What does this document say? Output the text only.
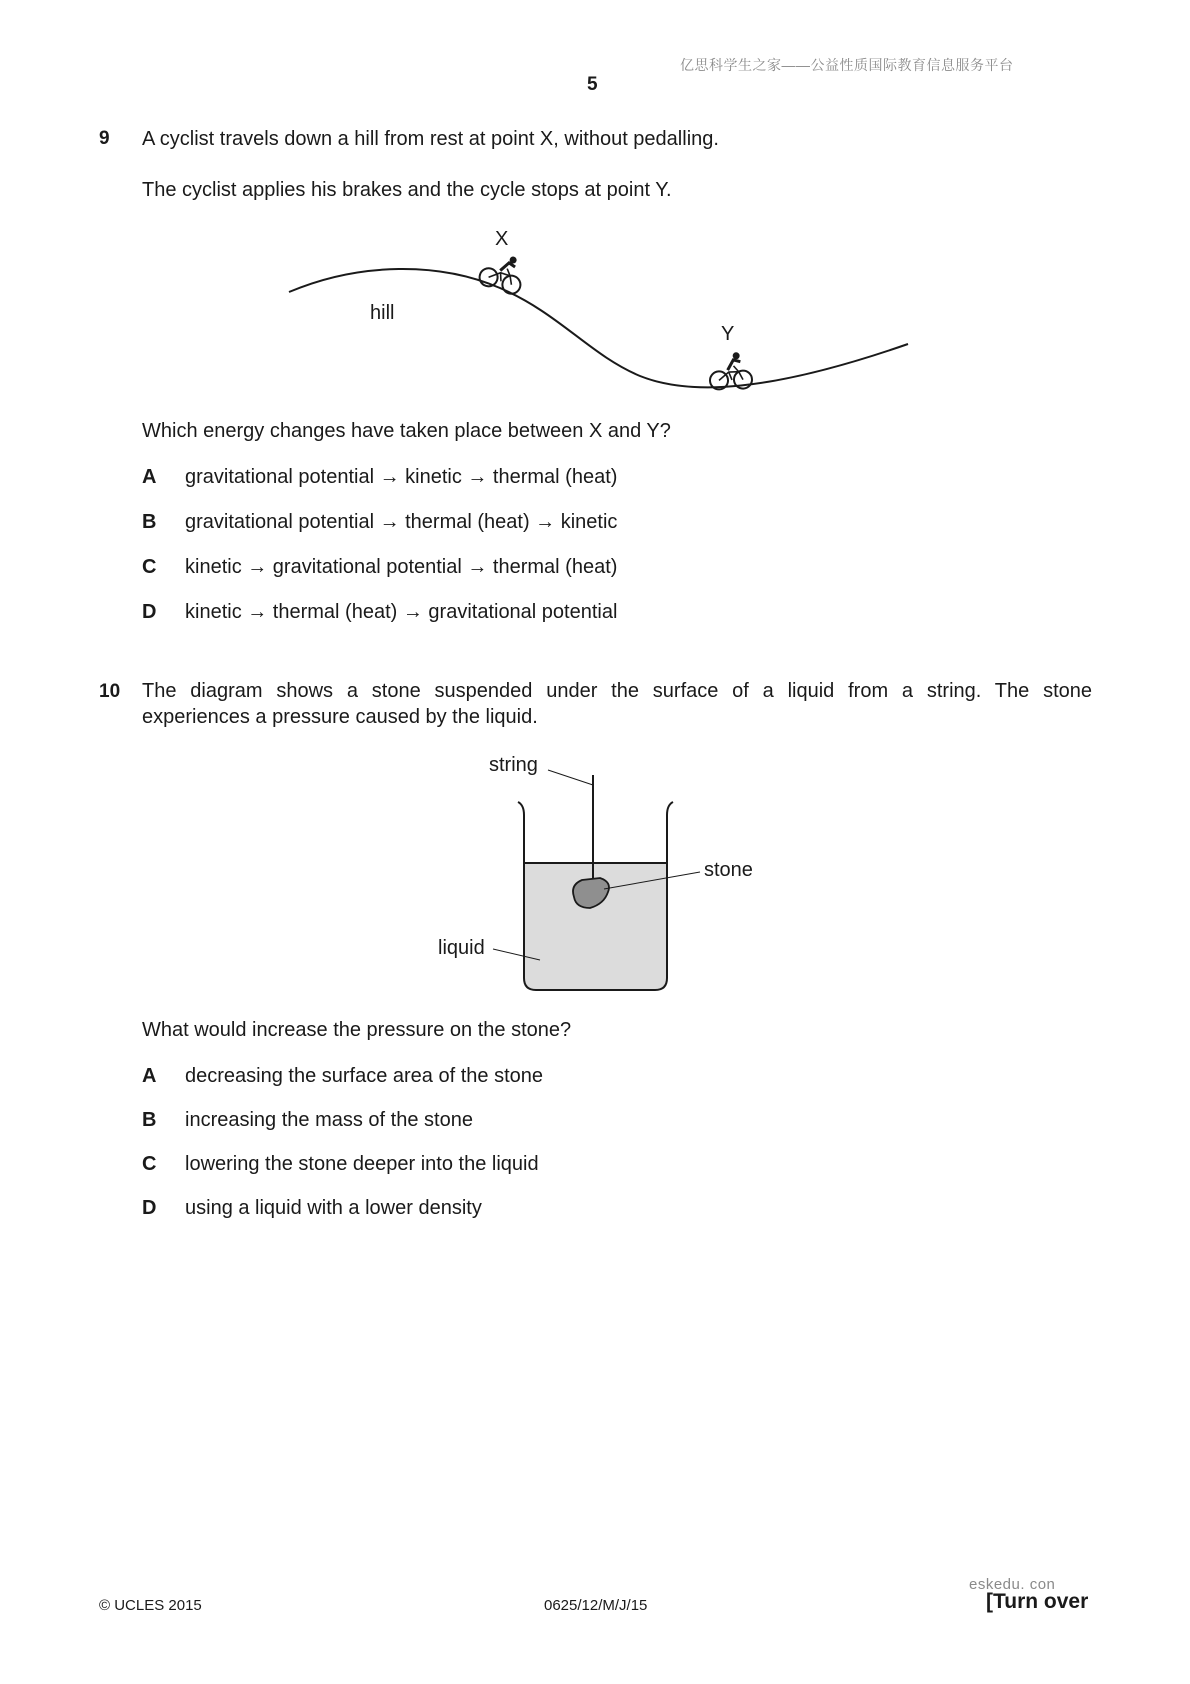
亿思科学生之家——公益性质国际教育信息服务平台
5
9 A cyclist travels down a hill from rest at point X, without pedalling.
The cyclist applies his brakes and the cycle stops at point Y.
X
Y
hill
Which energy changes have taken place between X and Y?
A gravitational potential → kinetic → thermal (heat)
B gravitational potential → thermal (heat) → kinetic
C kinetic → gravitational potential → thermal (heat)
D kinetic → thermal (heat) → gravitational potential
10 The diagram shows a stone suspended under the surface of a liquid from a string. The stone
experiences a pressure caused by the liquid.
string
stone
liquid
What would increase the pressure on the stone?
A decreasing the surface area of the stone
B increasing the mass of the stone
C lowering the stone deeper into the liquid
D using a liquid with a lower density
© UCLES 2015	0625/12/M/J/15
eskedu. con
[Turn over
